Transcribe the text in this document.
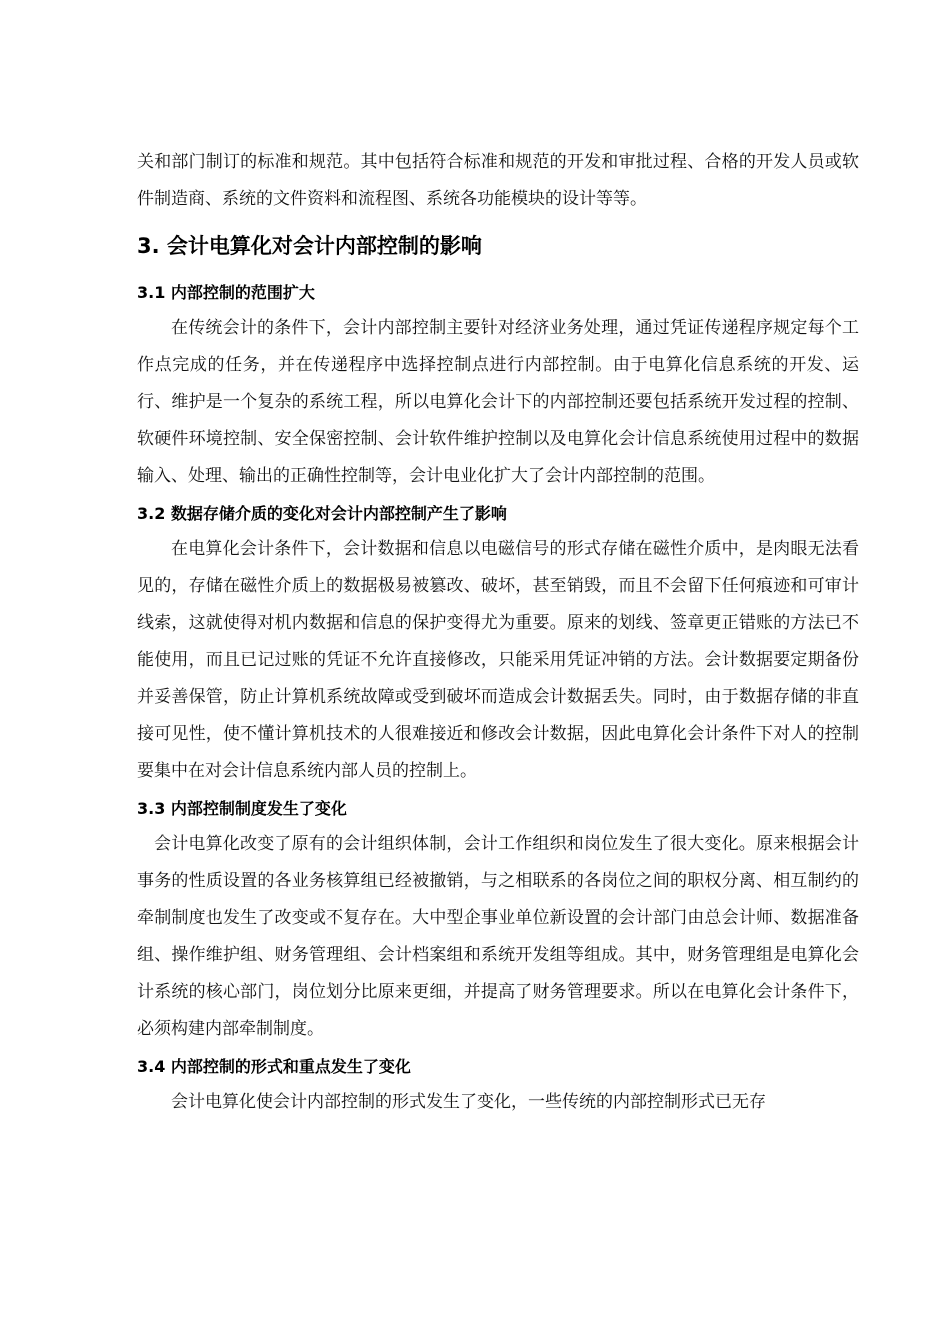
关和部门制订的标准和规范。其中包括符合标准和规范的开发和审批过程、合格的开发人员或软件制造商、系统的文件资料和流程图、系统各功能模块的设计等等。

3. 会计电算化对会计内部控制的影响
3.1 内部控制的范围扩大

在传统会计的条件下，会计内部控制主要针对经济业务处理，通过凭证传递程序规定每个工作点完成的任务，并在传递程序中选择控制点进行内部控制。由于电算化信息系统的开发、运行、维护是一个复杂的系统工程，所以电算化会计下的内部控制还要包括系统开发过程的控制、软硬件环境控制、安全保密控制、会计软件维护控制以及电算化会计信息系统使用过程中的数据输入、处理、输出的正确性控制等，会计电业化扩大了会计内部控制的范围。

3.2 数据存储介质的变化对会计内部控制产生了影响

在电算化会计条件下，会计数据和信息以电磁信号的形式存储在磁性介质中，是肉眼无法看见的，存储在磁性介质上的数据极易被篡改、破坏，甚至销毁，而且不会留下任何痕迹和可审计线索，这就使得对机内数据和信息的保护变得尤为重要。原来的划线、签章更正错账的方法已不能使用，而且已记过账的凭证不允许直接修改，只能采用凭证冲销的方法。会计数据要定期备份并妥善保管，防止计算机系统故障或受到破坏而造成会计数据丢失。同时，由于数据存储的非直接可见性，使不懂计算机技术的人很难接近和修改会计数据，因此电算化会计条件下对人的控制要集中在对会计信息系统内部人员的控制上。

3.3 内部控制制度发生了变化

会计电算化改变了原有的会计组织体制，会计工作组织和岗位发生了很大变化。原来根据会计事务的性质设置的各业务核算组已经被撤销，与之相联系的各岗位之间的职权分离、相互制约的牵制制度也发生了改变或不复存在。大中型企事业单位新设置的会计部门由总会计师、数据准备组、操作维护组、财务管理组、会计档案组和系统开发组等组成。其中，财务管理组是电算化会计系统的核心部门，岗位划分比原来更细，并提高了财务管理要求。所以在电算化会计条件下，必须构建内部牵制制度。

3.4 内部控制的形式和重点发生了变化

会计电算化使会计内部控制的形式发生了变化，一些传统的内部控制形式已无存
